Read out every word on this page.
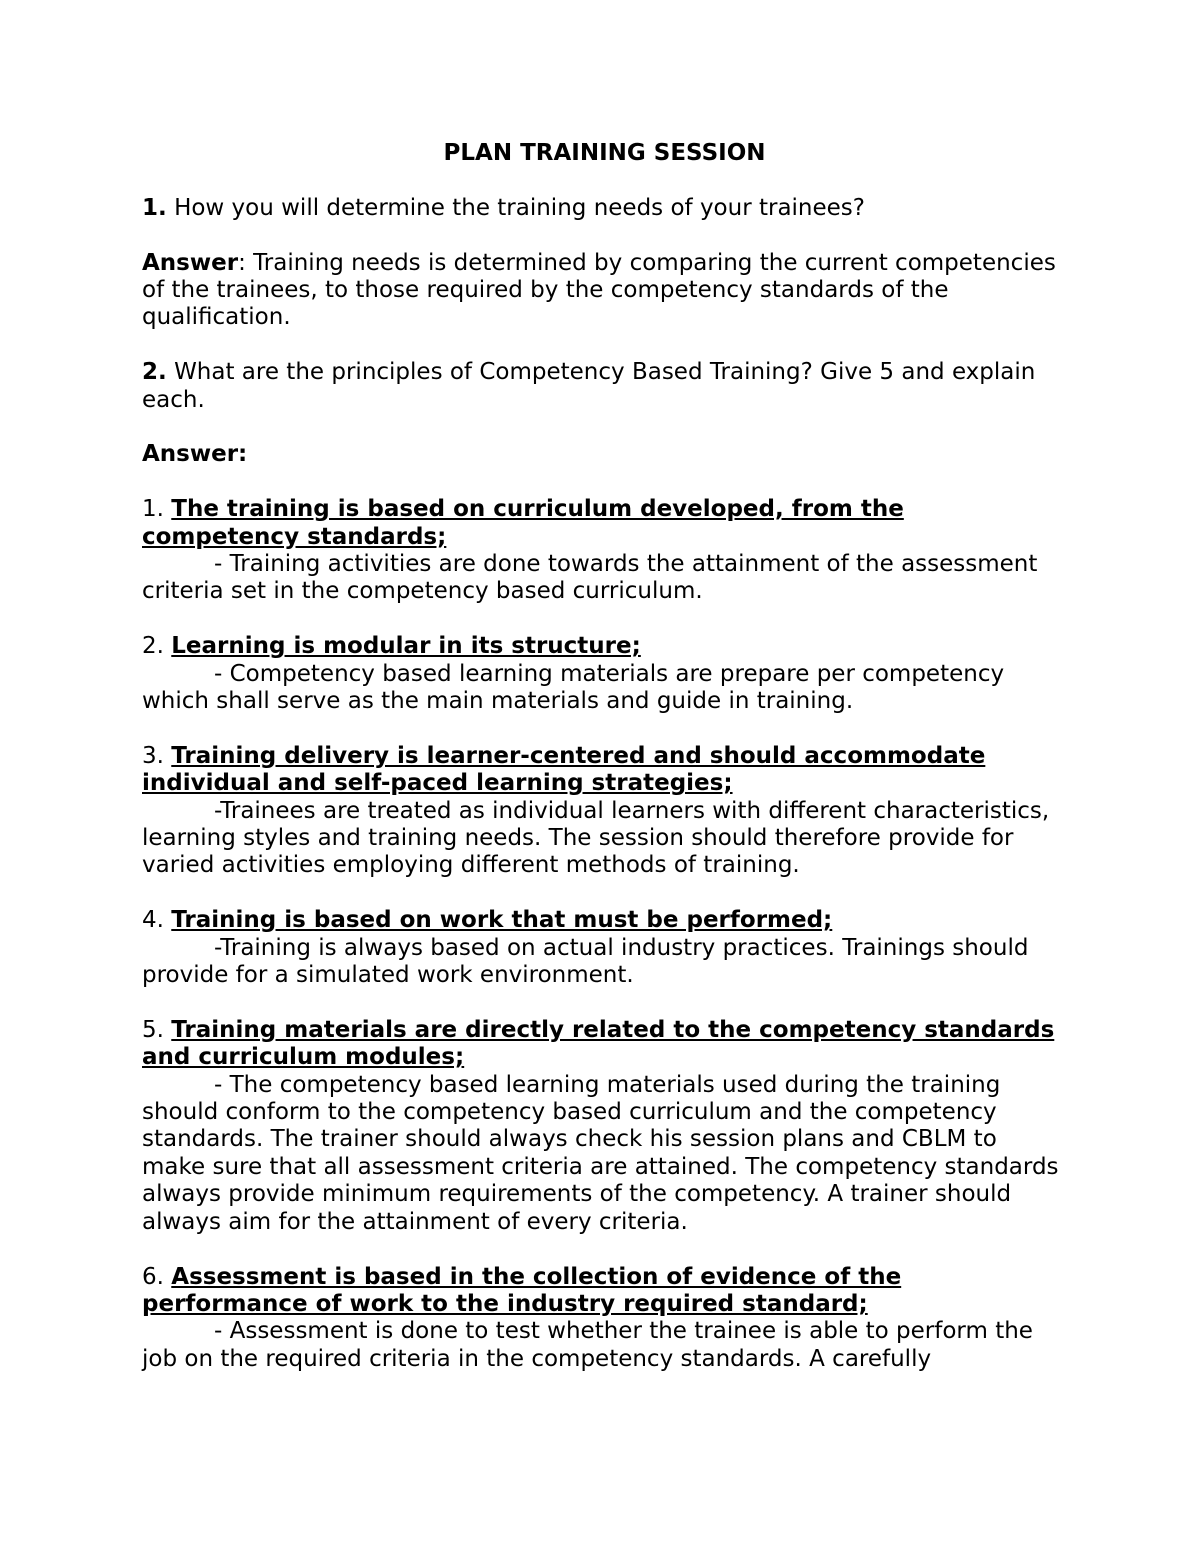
PLAN TRAINING SESSION

1. How you will determine the training needs of your trainees?

Answer: Training needs is determined by comparing the current competencies of the trainees, to those required by the competency standards of the qualification.

2. What are the principles of Competency Based Training? Give 5 and explain each.

Answer:

1. The training is based on curriculum developed, from the competency standards;

- Training activities are done towards the attainment of the assessment criteria set in the competency based curriculum.

2. Learning is modular in its structure;

- Competency based learning materials are prepare per competency which shall serve as the main materials and guide in training.

3. Training delivery is learner-centered and should accommodate individual and self-paced learning strategies;

-Trainees are treated as individual learners with different characteristics, learning styles and training needs. The session should therefore provide for varied activities employing different methods of training.

4. Training is based on work that must be performed;

-Training is always based on actual industry practices. Trainings should provide for a simulated work environment.

5. Training materials are directly related to the competency standards and curriculum modules;

- The competency based learning materials used during the training should conform to the competency based curriculum and the competency standards. The trainer should always check his session plans and CBLM to make sure that all assessment criteria are attained. The competency standards always provide minimum requirements of the competency. A trainer should always aim for the attainment of every criteria.

6. Assessment is based in the collection of evidence of the performance of work to the industry required standard;

- Assessment is done to test whether the trainee is able to perform the job on the required criteria in the competency standards. A carefully
